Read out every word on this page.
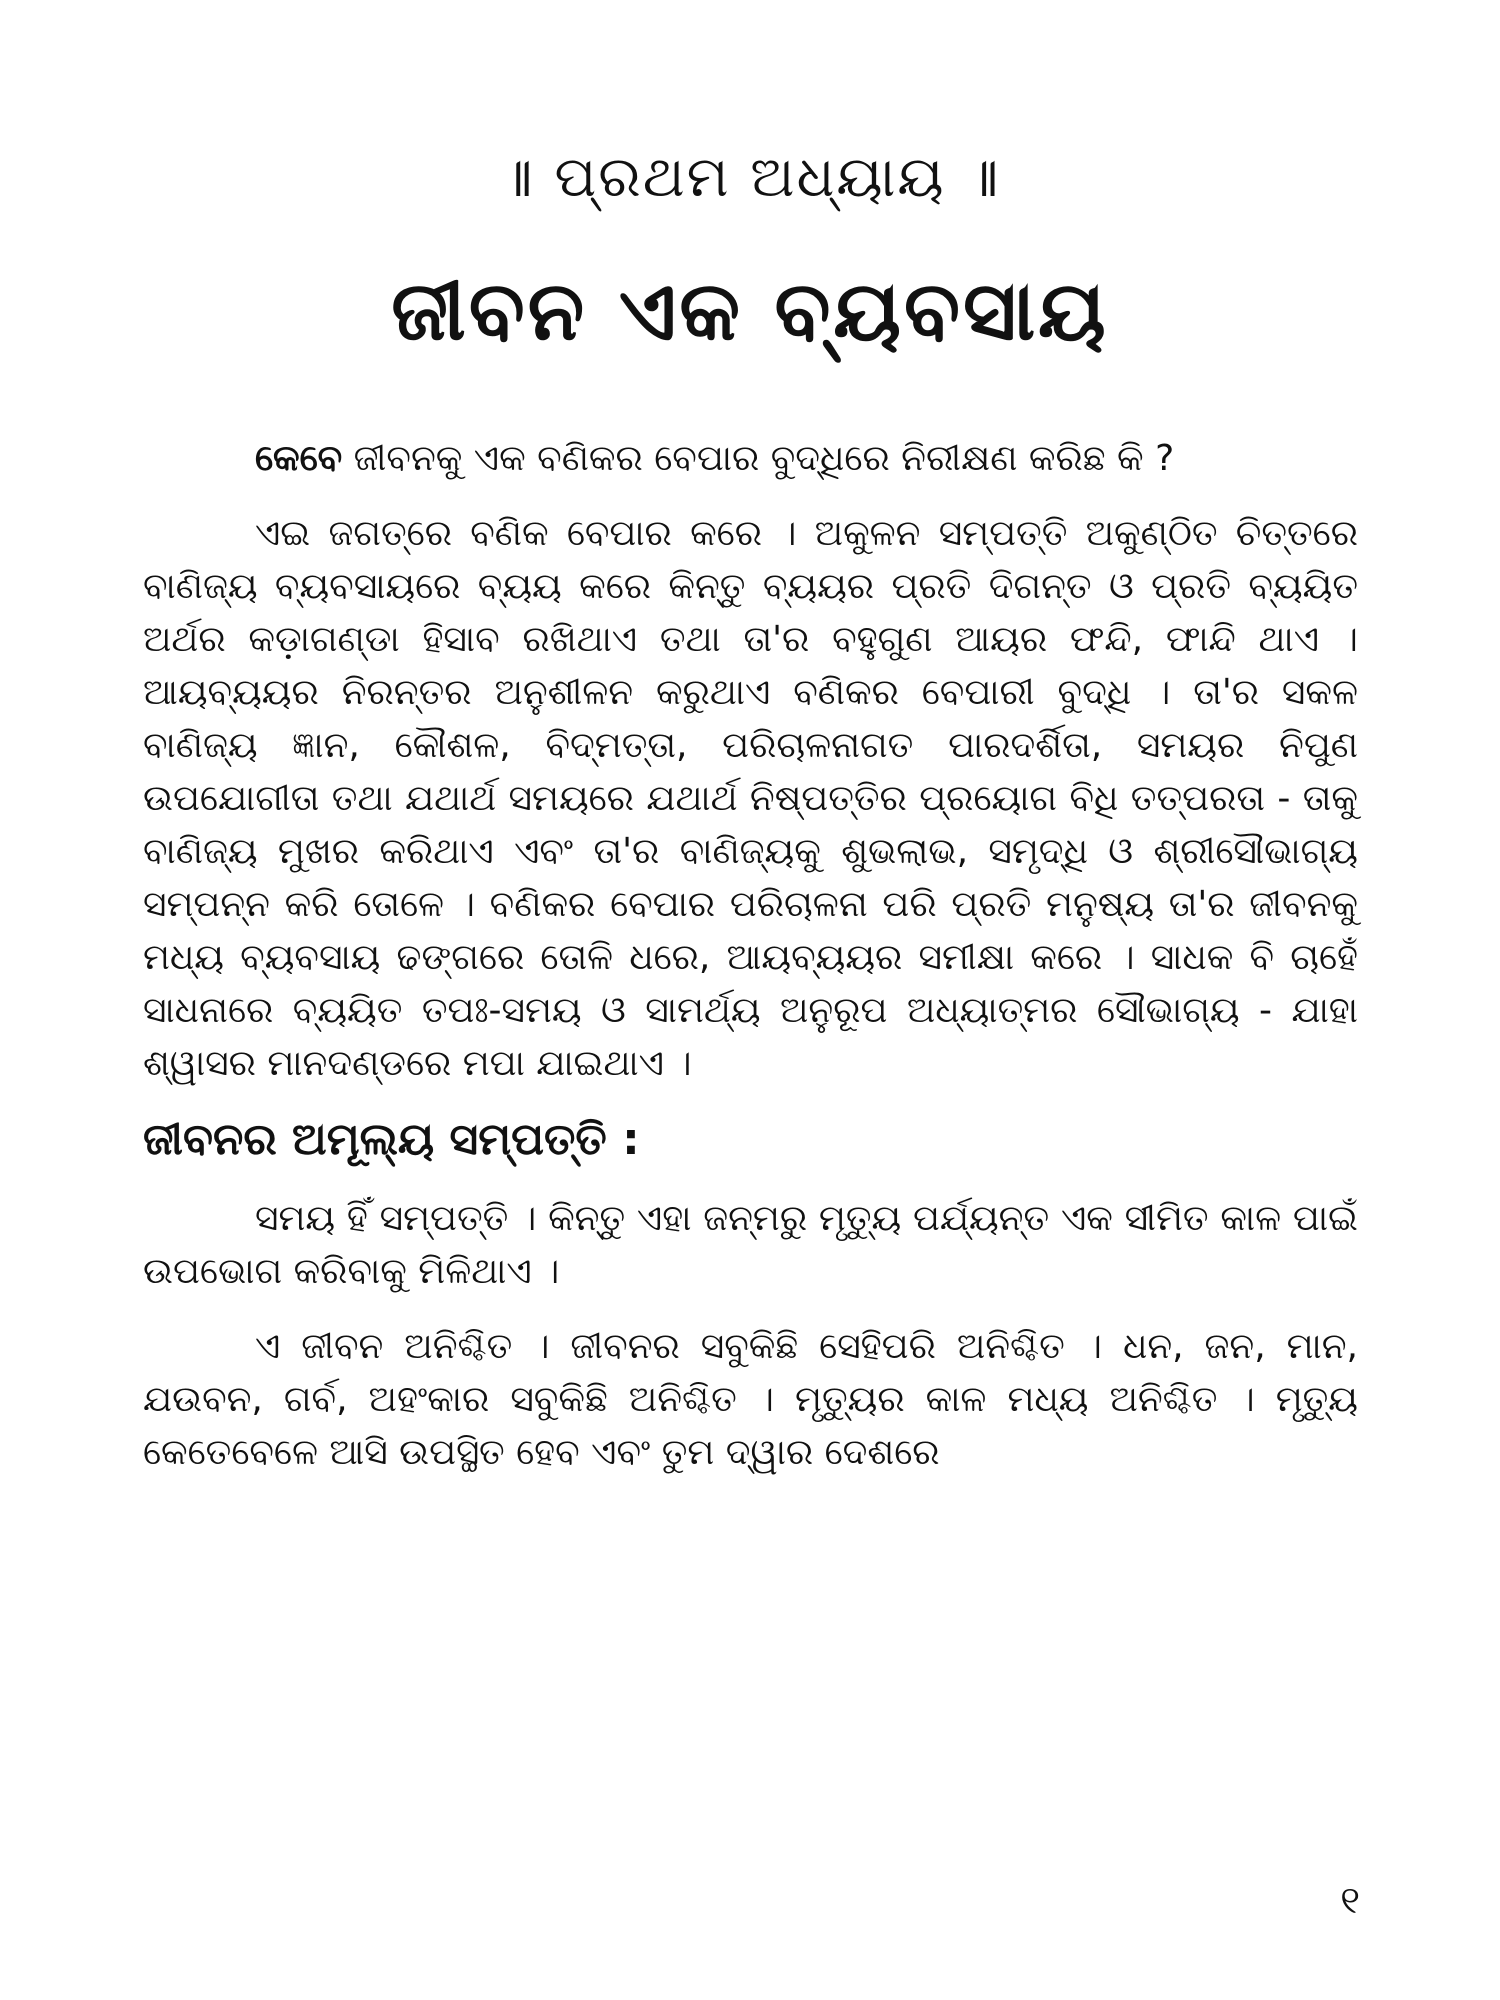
॥ ପ୍ରଥମ ଅଧ୍ୟାୟ ॥
ଜୀବନ ଏକ ବ୍ୟବସାୟ

କେବେ ଜୀବନକୁ ଏକ ବଣିକର ବେପାର ବୁଦ୍ଧିରେ ନିରୀକ୍ଷଣ କରିଛ କି ?

ଏଇ ଜଗତ୍‌ରେ ବଣିକ ବେପାର କରେ । ଅକୁଳନ ସମ୍ପତ୍ତି ଅକୁଣ୍ଠିତ ଚିତ୍ତରେ ବାଣିଜ୍ୟ ବ୍ୟବସାୟରେ ବ୍ୟୟ କରେ କିନ୍ତୁ ବ୍ୟୟର ପ୍ରତି ଦିଗନ୍ତ ଓ ପ୍ରତି ବ୍ୟୟିତ ଅର୍ଥର କଡ଼ାଗଣ୍ଡା ହିସାବ ରଖିଥାଏ ତଥା ତା'ର ବହୁଗୁଣ ଆୟର ଫନ୍ଦି, ଫାନ୍ଦି ଥାଏ । ଆୟବ୍ୟୟର ନିରନ୍ତର ଅନୁଶୀଳନ କରୁଥାଏ ବଣିକର ବେପାରୀ ବୁଦ୍ଧି । ତା'ର ସକଳ ବାଣିଜ୍ୟ ଜ୍ଞାନ, କୌଶଳ, ବିଦ୍‌ମତ୍ତା, ପରିଚାଳନାଗତ ପାରଦର୍ଶିତା, ସମୟର ନିପୁଣ ଉପଯୋଗୀତା ତଥା ଯଥାର୍ଥ ସମୟରେ ଯଥାର୍ଥ ନିଷ୍ପତ୍ତିର ପ୍ରୟୋଗ ବିଧି ତତ୍ପରତା - ତାକୁ ବାଣିଜ୍ୟ ମୁଖର କରିଥାଏ ଏବଂ ତା'ର ବାଣିଜ୍ୟକୁ ଶୁଭଲାଭ, ସମୃଦ୍ଧି ଓ ଶ୍ରୀସୌଭାଗ୍ୟ ସମ୍ପନ୍ନ କରି ତୋଳେ । ବଣିକର ବେପାର ପରିଚାଳନା ପରି ପ୍ରତି ମନୁଷ୍ୟ ତା'ର ଜୀବନକୁ ମଧ୍ୟ ବ୍ୟବସାୟ ଢଙ୍ଗରେ ତୋଳି ଧରେ, ଆୟବ୍ୟୟର ସମୀକ୍ଷା କରେ । ସାଧକ ବି ଚାହେଁ ସାଧନାରେ ବ୍ୟୟିତ ତପଃ-ସମୟ ଓ ସାମର୍ଥ୍ୟ ଅନୁରୂପ ଅଧ୍ୟାତ୍ମର ସୌଭାଗ୍ୟ - ଯାହା ଶ୍ୱାସର ମାନଦଣ୍ଡରେ ମପା ଯାଇଥାଏ ।

ଜୀବନର ଅମୂଲ୍ୟ ସମ୍ପତ୍ତି :

ସମୟ ହିଁ ସମ୍ପତ୍ତି । କିନ୍ତୁ ଏହା ଜନ୍ମରୁ ମୃତ୍ୟୁ ପର୍ଯ୍ୟନ୍ତ ଏକ ସୀମିତ କାଳ ପାଇଁ ଉପଭୋଗ କରିବାକୁ ମିଳିଥାଏ ।

ଏ ଜୀବନ ଅନିଶ୍ଚିତ । ଜୀବନର ସବୁକିଛି ସେହିପରି ଅନିଶ୍ଚିତ । ଧନ, ଜନ, ମାନ, ଯଉବନ, ଗର୍ବ, ଅହଂକାର ସବୁକିଛି ଅନିଶ୍ଚିତ । ମୃତ୍ୟୁର କାଳ ମଧ୍ୟ ଅନିଶ୍ଚିତ । ମୃତ୍ୟୁ କେତେବେଳେ ଆସି ଉପସ୍ଥିତ ହେବ ଏବଂ ତୁମ ଦ୍ୱାର ଦେଶରେ

୧
